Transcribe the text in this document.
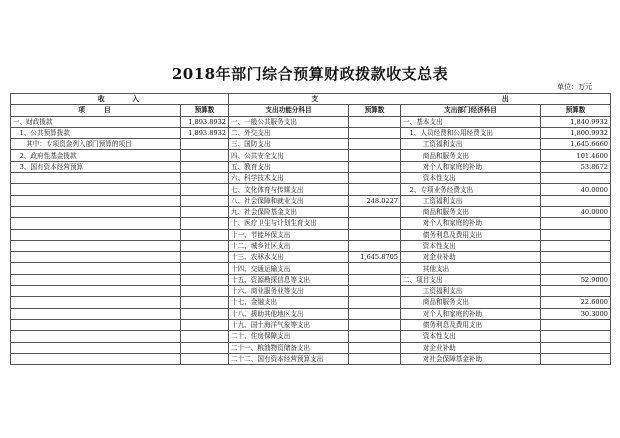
2018年部门综合预算财政拨款收支总表
单位：万元
收　　　入		支		出	
项　　目	预算数	支出功能分科目	预算数	支出部门经济科目	预算数
一、财政拨款	1,893.8932	一、一般公共服务支出		一、基本支出	1,840.9932
　1、公共预算拨款	1,893.8932	二、外交支出		　1、人员经费和公用经费支出	1,800.9932
　　其中：专项资金列入部门预算的项目		三、国防支出		　　　工资福利支出	1,645.6660
　2、政府性基金拨款		四、公共安全支出		　　　商品和服务支出	101.4600
　3、国有资本经营预算		五、教育支出		　　　对个人和家庭的补助	53.8672
		六、科学技术支出		　　　资本性支出	
		七、文化体育与传媒支出		　2、专项业务经费支出	40.0000
		八、社会保障和就业支出	248.0227	　　　工资福利支出	
		九、社会保险基金支出		　　　商品和服务支出	40.0000
		十、医疗卫生与计划生育支出		　　　对个人和家庭的补助	
		十一、节能环保支出		　　　债务利息及费用支出	
		十二、城乡社区支出		　　　资本性支出	
		十三、农林水支出	1,645.8705	　　　对企业补助	
		十四、交通运输支出		　　　其他支出	
		十五、资源勘探信息等支出		二、项目支出	52.9000
		十六、商业服务业等支出		　　　工资福利支出	
		十七、金融支出		　　　商品和服务支出	22.6000
		十八、援助其他地区支出		　　　对个人和家庭的补助	30.3000
		十九、国土海洋气象等支出		　　　债务利息及费用支出	
		二十、住房保障支出		　　　资本性支出	
		二十一、粮油物资储备支出		　　　对企业补助	
		二十二、国有资本经营预算支出		　　　对社会保障基金补助	
